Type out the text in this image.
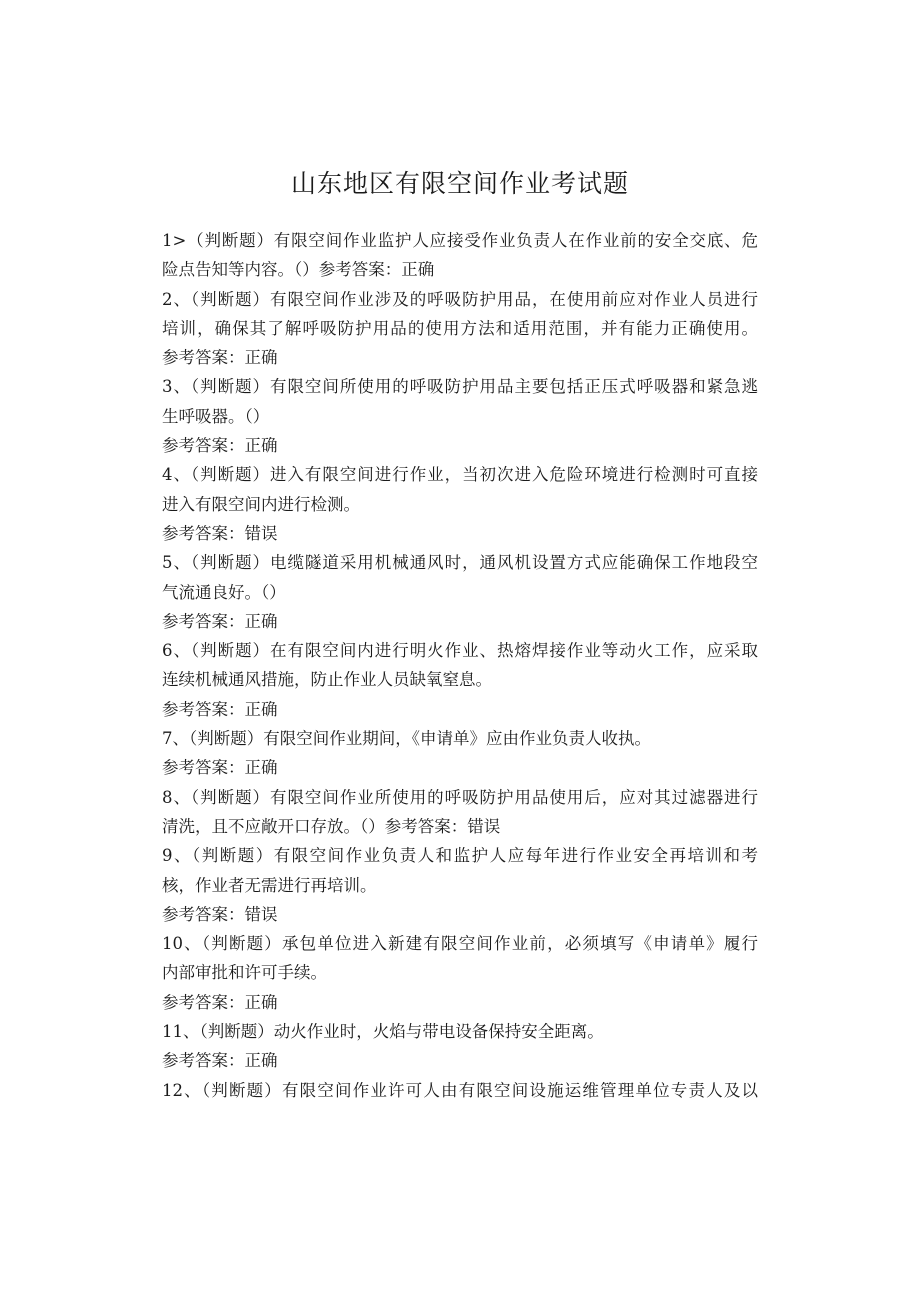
山东地区有限空间作业考试题
1>（判断题）有限空间作业监护人应接受作业负责人在作业前的安全交底、危
险点告知等内容。（）参考答案：正确
2、（判断题）有限空间作业涉及的呼吸防护用品，在使用前应对作业人员进行
培训，确保其了解呼吸防护用品的使用方法和适用范围，并有能力正确使用。
参考答案：正确
3、（判断题）有限空间所使用的呼吸防护用品主要包括正压式呼吸器和紧急逃
生呼吸器。（）
参考答案：正确
4、（判断题）进入有限空间进行作业，当初次进入危险环境进行检测时可直接
进入有限空间内进行检测。
参考答案：错误
5、（判断题）电缆隧道采用机械通风时，通风机设置方式应能确保工作地段空
气流通良好。（）
参考答案：正确
6、（判断题）在有限空间内进行明火作业、热熔焊接作业等动火工作，应采取
连续机械通风措施，防止作业人员缺氧窒息。
参考答案：正确
7、（判断题）有限空间作业期间，《申请单》应由作业负责人收执。
参考答案：正确
8、（判断题）有限空间作业所使用的呼吸防护用品使用后，应对其过滤器进行
清洗，且不应敞开口存放。（）参考答案：错误
9、（判断题）有限空间作业负责人和监护人应每年进行作业安全再培训和考
核，作业者无需进行再培训。
参考答案：错误
10、（判断题）承包单位进入新建有限空间作业前，必须填写《申请单》履行
内部审批和许可手续。
参考答案：正确
11、（判断题）动火作业时，火焰与带电设备保持安全距离。
参考答案：正确
12、（判断题）有限空间作业许可人由有限空间设施运维管理单位专责人及以
